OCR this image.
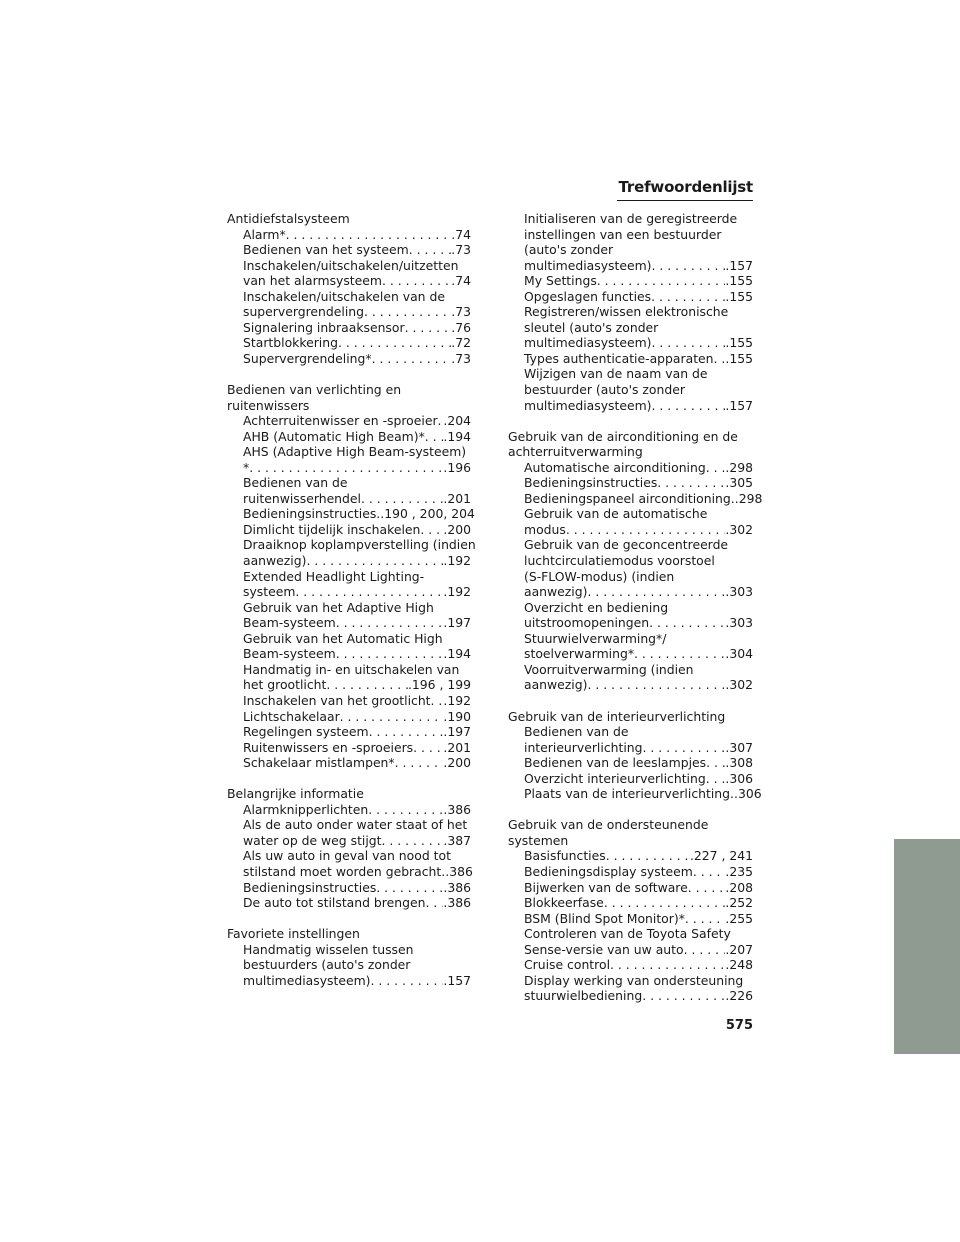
Trefwoordenlijst
Antidiefstalsysteem
Alarm* . . .	.74
Bedienen van het systeem . . .	.73
Inschakelen/uitschakelen/uitzetten
van het alarmsysteem . . .	.74
Inschakelen/uitschakelen van de
supervergrendeling . . .	.73
Signalering inbraaksensor . . .	.76
Startblokkering . . .	.72
Supervergrendeling* . . .	.73
Bedienen van verlichting en
ruitenwissers
Achterruitenwisser en -sproeier . . . .204
AHB (Automatic High Beam)* . . . .194
AHS (Adaptive High Beam-systeem)
* . . .	.196
Bedienen van de
ruitenwisserhendel . . .	.201
Bedieningsinstructies . . . .190 , 200, 204
Dimlicht tijdelijk inschakelen . . . .200
Draaiknop koplampverstelling (indien
aanwezig) . . .	.192
Extended Headlight Lighting-
systeem . . .	.192
Gebruik van het Adaptive High
Beam-systeem . . .	.197
Gebruik van het Automatic High
Beam-systeem . . .	.194
Handmatig in- en uitschakelen van
het grootlicht . . .	.196 , 199
Inschakelen van het grootlicht . . . .192
Lichtschakelaar . . .	.190
Regelingen systeem . . .	.197
Ruitenwissers en -sproeiers . . . .201
Schakelaar mistlampen* . . .	.200
Belangrijke informatie
Alarmknipperlichten . . .	.386
Als de auto onder water staat of het
water op de weg stijgt . . .	.387
Als uw auto in geval van nood tot
stilstand moet worden gebracht . . . .386
Bedieningsinstructies . . .	.386
De auto tot stilstand brengen . . . .386
Favoriete instellingen
Handmatig wisselen tussen
bestuurders (auto's zonder
multimediasysteem) . . .	.157
Initialiseren van de geregistreerde
instellingen van een bestuurder
(auto's zonder
multimediasysteem) . . .	.157
My Settings . . .	.155
Opgeslagen functies . . .	.155
Registreren/wissen elektronische
sleutel (auto's zonder
multimediasysteem) . . .	.155
Types authenticatie-apparaten . . . .155
Wijzigen van de naam van de
bestuurder (auto's zonder
multimediasysteem) . . .	.157
Gebruik van de airconditioning en de
achterruitverwarming
Automatische airconditioning . . . .298
Bedieningsinstructies . . .	.305
Bedieningspaneel airconditioning . . . .298
Gebruik van de automatische
modus . . .	.302
Gebruik van de geconcentreerde
luchtcirculatiemodus voorstoel
(S-FLOW-modus) (indien
aanwezig) . . .	.303
Overzicht en bediening
uitstroomopeningen . . .	.303
Stuurwielverwarming*/
stoelverwarming* . . .	.304
Voorruitverwarming (indien
aanwezig) . . .	.302
Gebruik van de interieurverlichting
Bedienen van de
interieurverlichting . . .	.307
Bedienen van de leeslampjes . . . .308
Overzicht interieurverlichting . . . .306
Plaats van de interieurverlichting . . . .306
Gebruik van de ondersteunende
systemen
Basisfuncties . . .	.227 , 241
Bedieningsdisplay systeem . . .	.235
Bijwerken van de software . . .	.208
Blokkeerfase . . .	.252
BSM (Blind Spot Monitor)* . . .	.255
Controleren van de Toyota Safety
Sense-versie van uw auto . . .	.207
Cruise control . . .	.248
Display werking van ondersteuning
stuurwielbediening . . .	.226
575
